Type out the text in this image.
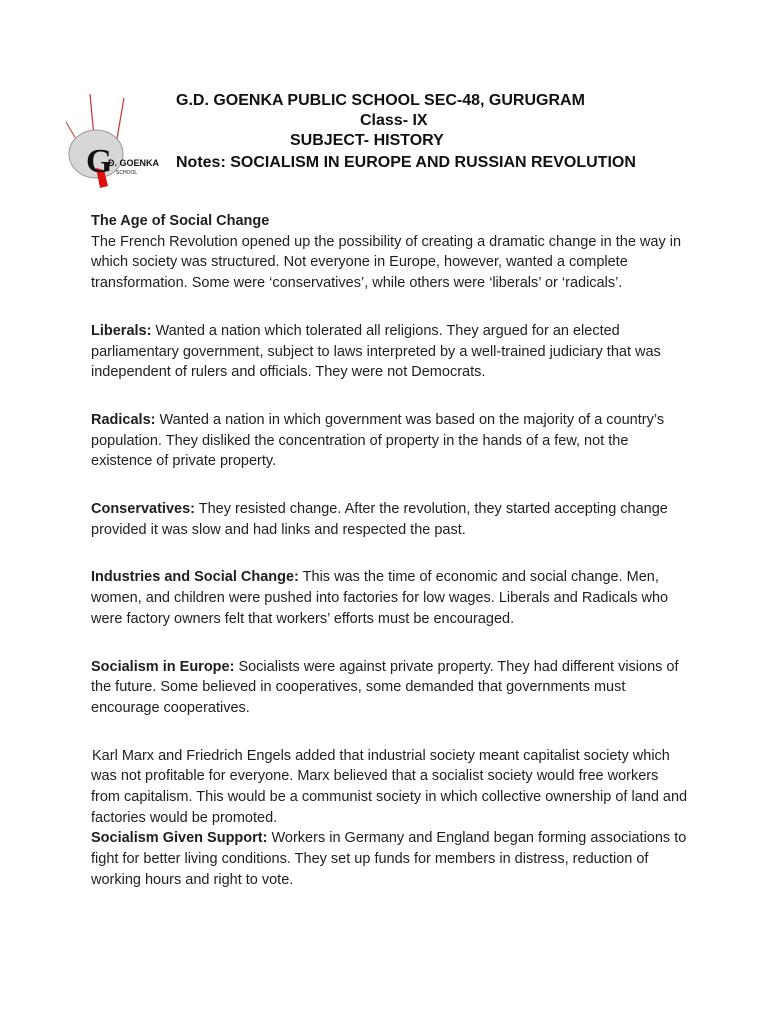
G
D. GOENKA
SCHOOL
G.D. GOENKA PUBLIC SCHOOL SEC-48, GURUGRAM
Class- IX
SUBJECT- HISTORY
Notes: SOCIALISM IN EUROPE AND RUSSIAN REVOLUTION

The Age of Social Change
The French Revolution opened up the possibility of creating a dramatic change in the way in which society was structured. Not everyone in Europe, however, wanted a complete transformation. Some were ‘conservatives’, while others were ‘liberals’ or ‘radicals’.

Liberals: Wanted a nation which tolerated all religions. They argued for an elected parliamentary government, subject to laws interpreted by a well-trained judiciary that was independent of rulers and officials. They were not Democrats.

Radicals: Wanted a nation in which government was based on the majority of a country’s population. They disliked the concentration of property in the hands of a few, not the existence of private property.

Conservatives: They resisted change. After the revolution, they started accepting change provided it was slow and had links and respected the past.

Industries and Social Change: This was the time of economic and social change. Men, women, and children were pushed into factories for low wages. Liberals and Radicals who were factory owners felt that workers’ efforts must be encouraged.

Socialism in Europe: Socialists were against private property. They had different visions of the future. Some believed in cooperatives, some demanded that governments must encourage cooperatives.

Karl Marx and Friedrich Engels added that industrial society meant capitalist society which was not profitable for everyone. Marx believed that a socialist society would free workers from capitalism. This would be a communist society in which collective ownership of land and factories would be promoted.

Socialism Given Support: Workers in Germany and England began forming associations to fight for better living conditions. They set up funds for members in distress, reduction of working hours and right to vote.
